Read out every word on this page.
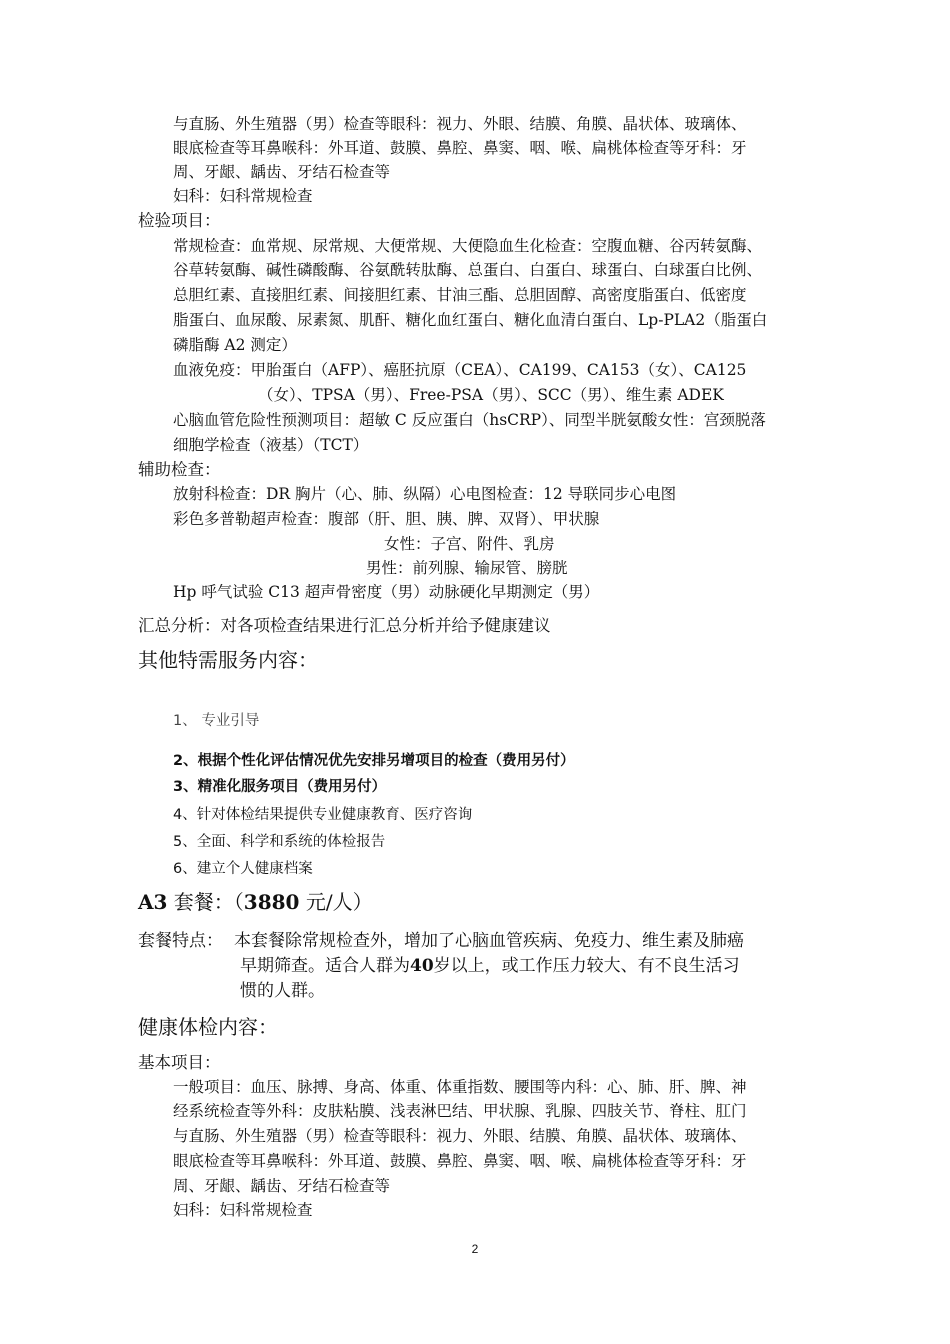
与直肠、外生殖器（男）检查等眼科：视力、外眼、结膜、角膜、晶状体、玻璃体、
眼底检查等耳鼻喉科：外耳道、鼓膜、鼻腔、鼻窦、咽、喉、扁桃体检查等牙科：牙
周、牙龈、龋齿、牙结石检查等
妇科：妇科常规检查
检验项目：
常规检查：血常规、尿常规、大便常规、大便隐血生化检查：空腹血糖、谷丙转氨酶、
谷草转氨酶、碱性磷酸酶、谷氨酰转肽酶、总蛋白、白蛋白、球蛋白、白球蛋白比例、
总胆红素、直接胆红素、间接胆红素、甘油三酯、总胆固醇、高密度脂蛋白、低密度
脂蛋白、血尿酸、尿素氮、肌酐、糖化血红蛋白、糖化血清白蛋白、Lp-PLA2（脂蛋白
磷脂酶 A2 测定）
血液免疫：甲胎蛋白（AFP）、癌胚抗原（CEA）、CA199、CA153（女）、CA125
（女）、TPSA（男）、Free-PSA（男）、SCC（男）、维生素 ADEK
心脑血管危险性预测项目：超敏 C 反应蛋白（hsCRP）、同型半胱氨酸女性：宫颈脱落
细胞学检查（液基）（TCT）
辅助检查：
放射科检查：DR 胸片（心、肺、纵隔）心电图检查：12 导联同步心电图
彩色多普勒超声检查：腹部（肝、胆、胰、脾、双肾）、甲状腺
女性：子宫、附件、乳房
男性：前列腺、输尿管、膀胱
Hp 呼气试验 C13 超声骨密度（男）动脉硬化早期测定（男）
汇总分析：对各项检查结果进行汇总分析并给予健康建议
其他特需服务内容：
1、 专业引导
2、根据个性化评估情况优先安排另增项目的检查（费用另付）
3、精准化服务项目（费用另付）
4、针对体检结果提供专业健康教育、医疗咨询
5、全面、科学和系统的体检报告
6、建立个人健康档案
A3 套餐：（3880 元/人）
套餐特点： 本套餐除常规检查外，增加了心脑血管疾病、免疫力、维生素及肺癌
早期筛查。适合人群为40岁以上，或工作压力较大、有不良生活习
惯的人群。
健康体检内容：
基本项目：
一般项目：血压、脉搏、身高、体重、体重指数、腰围等内科：心、肺、肝、脾、神
经系统检查等外科：皮肤粘膜、浅表淋巴结、甲状腺、乳腺、四肢关节、脊柱、肛门
与直肠、外生殖器（男）检查等眼科：视力、外眼、结膜、角膜、晶状体、玻璃体、
眼底检查等耳鼻喉科：外耳道、鼓膜、鼻腔、鼻窦、咽、喉、扁桃体检查等牙科：牙
周、牙龈、龋齿、牙结石检查等
妇科：妇科常规检查
2
